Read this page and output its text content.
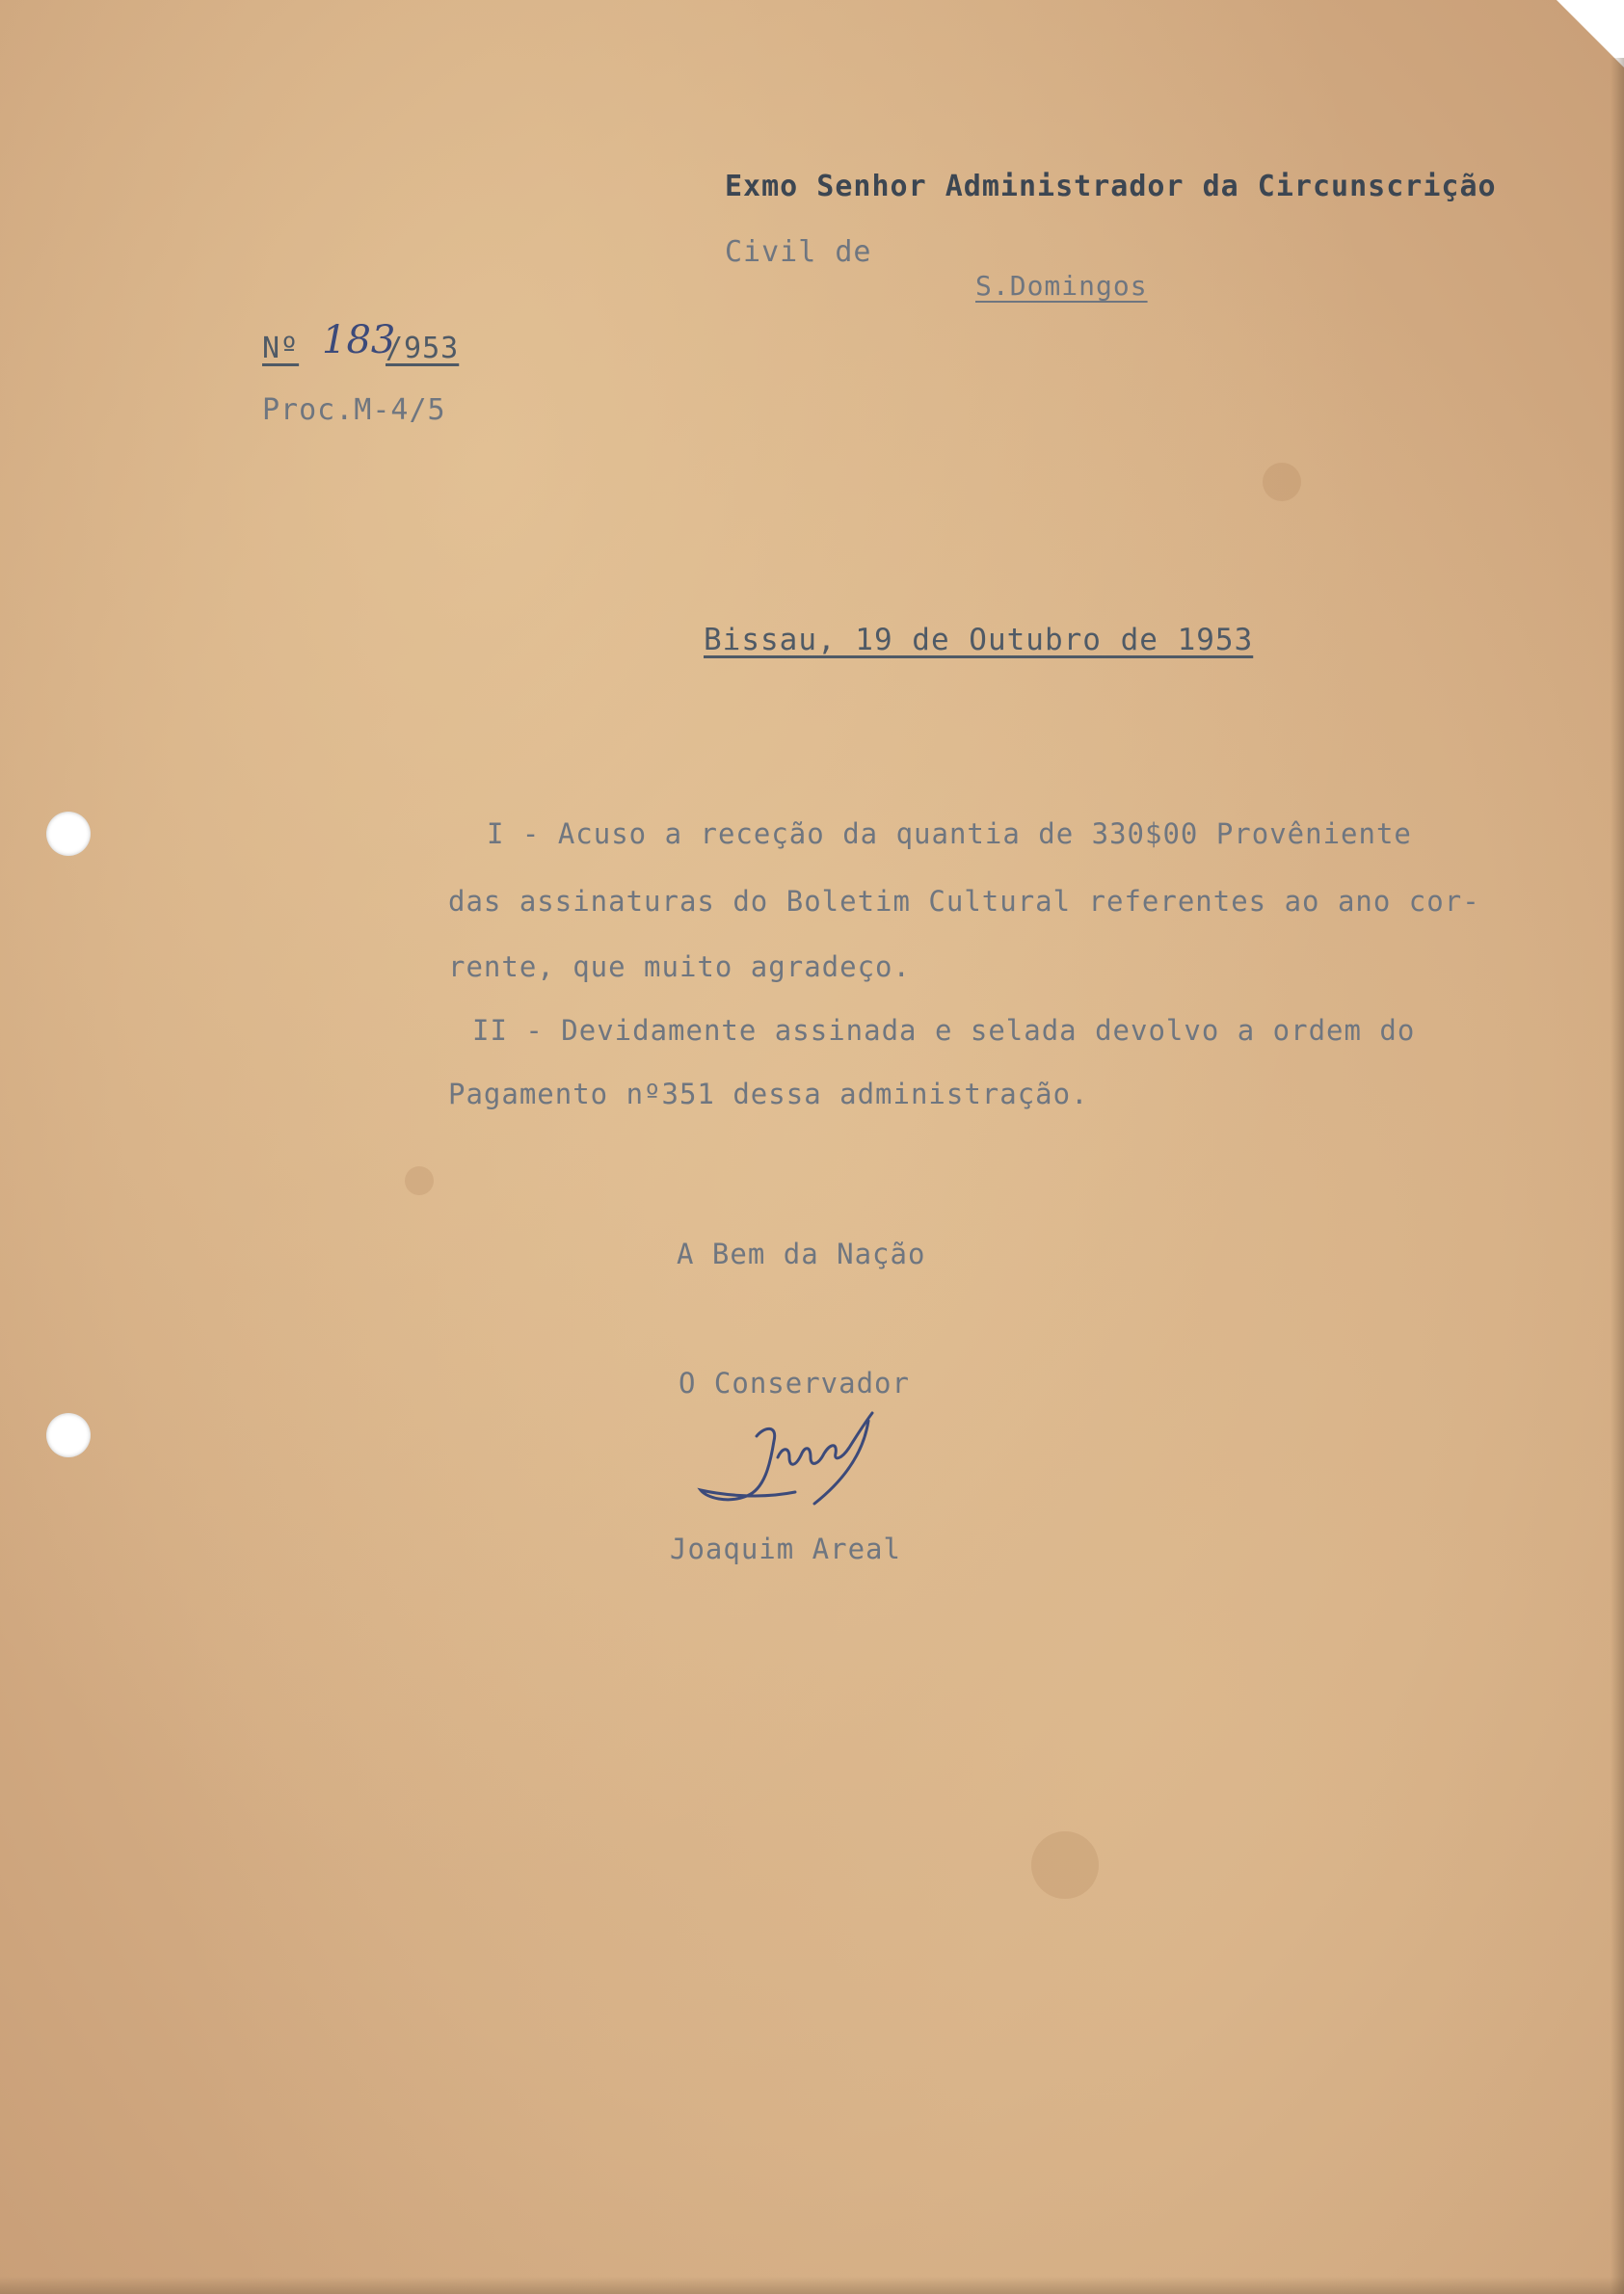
Exmo Senhor Administrador da Circunscrição
Civil de
S.Domingos
Nº 183
/953
Proc.M-4/5
Bissau, 19 de Outubro de 1953
I - Acuso a receção da quantia de 330$00 Provêniente
das assinaturas do Boletim Cultural referentes ao ano cor-
rente, que muito agradeço.
II - Devidamente assinada e selada devolvo a ordem do
Pagamento nº351 dessa administração.
A Bem da Nação
O Conservador
Joaquim Areal
